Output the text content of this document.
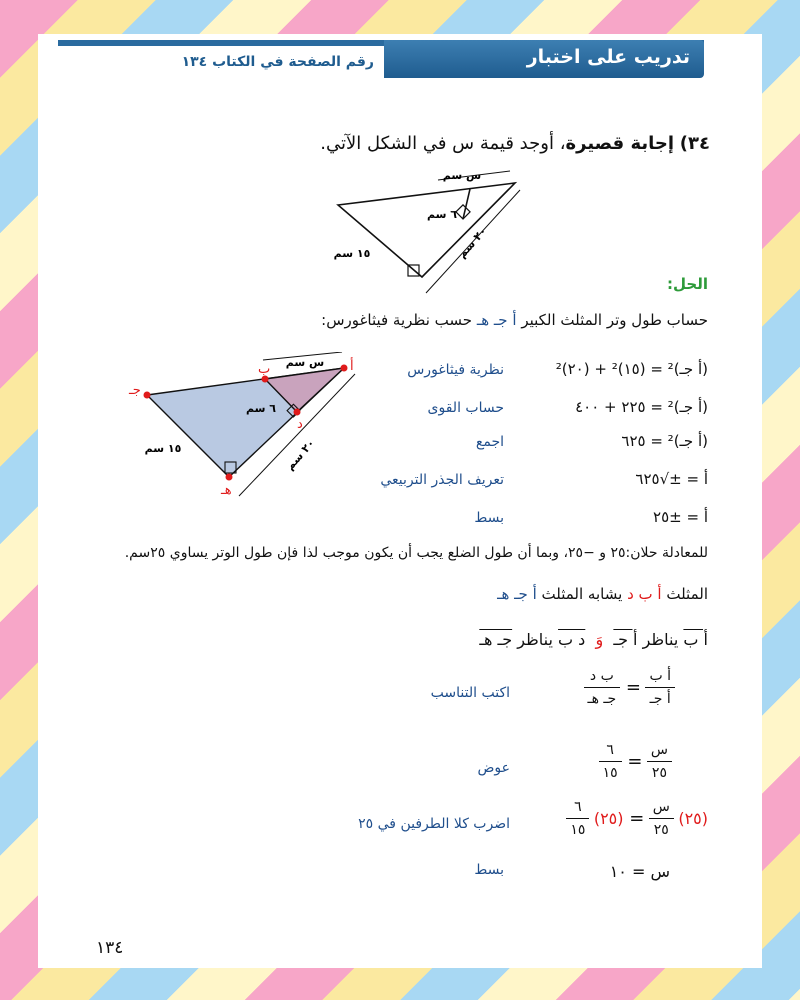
تدريب على اختبار
رقم الصفحة في الكتاب ١٣٤
٣٤) إجابة قصيرة، أوجد قيمة س في الشكل الآتي.
س سم
٦ سم
١٥ سم	٢٠ سم
الحل:
حساب طول وتر المثلث الكبير أ جـ هـ حسب نظرية فيثاغورس:
(أ جـ)² = (١٥)² + (٢٠)²
نظرية فيثاغورس
(أ جـ)² = ٢٢٥ + ٤٠٠
حساب القوى
(أ جـ)² = ٦٢٥
اجمع
أ = ±√٦٢٥
تعريف الجذر التربيعي
أ = ±٢٥
بسط
أ
ب
جـ
د
هـ
س سم
٦ سم
١٥ سم	٢٠ سم
للمعادلة حلان:٢٥ و −٢٥، وبما أن طول الضلع يجب أن يكون موجب لذا فإن طول الوتر يساوي ٢٥سم.
المثلث أ ب د يشابه المثلث أ جـ هـ
أ ب يناظر أ جـ  وَ  د ب يناظر جـ هـ
$\frac{\text{أ ب}}{\text{أ جـ}}$
=
$\frac{\text{ب د}}{\text{جـ هـ}}$
اكتب التناسب
$\frac{\text{س}}{٢٥}$
=
$\frac{٦}{١٥}$
عوض
(٢٥)
$\frac{\text{س}}{٢٥}$
= (٢٥)
$\frac{٦}{١٥}$
اضرب كلا الطرفين في ٢٥
س = ١٠
بسط
١٣٤
